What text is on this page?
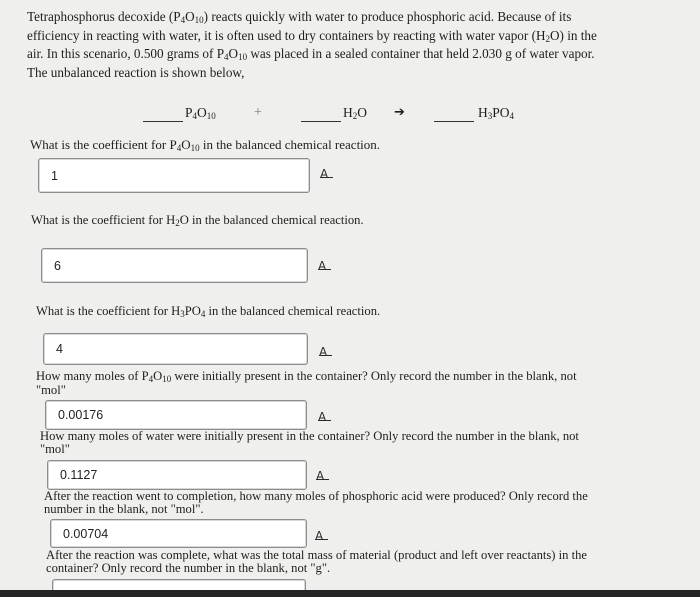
Tetraphosphorus decoxide $(P_4O_{10})$ reacts quickly with water to produce phosphoric acid. Because of its
efficiency in reacting with water, it is often used to dry containers by reacting with water vapor $(H_2O)$ in the
air. In this scenario, 0.500 grams of $P_4O_{10}$ was placed in a sealed container that held 2.030 g of water vapor.
The unbalanced reaction is shown below,
$P_4O_{10}$	+	$H_2O$ ➔	$H_3PO_4$
What is the coefficient for $P_4O_{10}$ in the balanced chemical reaction.
1	A
What is the coefficient for $H_2O$ in the balanced chemical reaction.
6	A
What is the coefficient for $H_3PO_4$ in the balanced chemical reaction.
4	A
How many moles of $P_4O_{10}$ were initially present in the container? Only record the number in the blank, not
"mol"
0.00176	A
How many moles of water were initially present in the container? Only record the number in the blank, not
"mol"
0.1127	A
After the reaction went to completion, how many moles of phosphoric acid were produced? Only record the
number in the blank, not "mol".
0.00704	A
After the reaction was complete, what was the total mass of material (product and left over reactants) in the
container? Only record the number in the blank, not "g".
